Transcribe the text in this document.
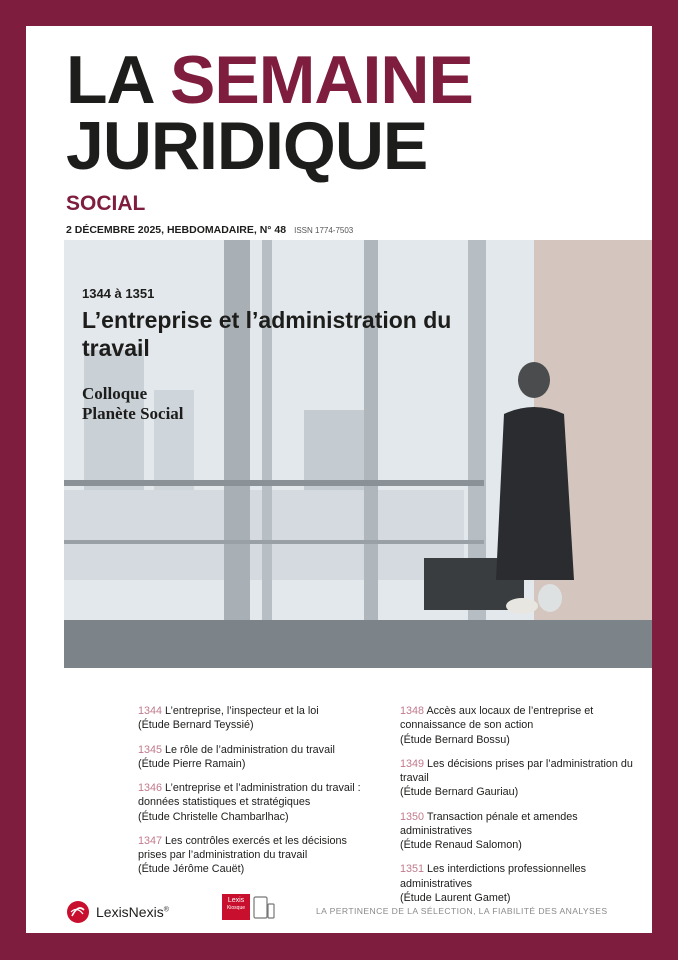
LA SEMAINE
JURIDIQUE
SOCIAL
2 DÉCEMBRE 2025, HEBDOMADAIRE, N° 48 ISSN 1774-7503
1344 à 1351
L’entreprise et l’administration du travail
Colloque
Planète Social
1344 L’entreprise, l’inspecteur et la loi
(Étude Bernard Teyssié)
1345 Le rôle de l’administration du travail
(Étude Pierre Ramain)
1346 L’entreprise et l’administration du travail : données statistiques et stratégiques
(Étude Christelle Chambarlhac)
1347 Les contrôles exercés et les décisions prises par l’administration du travail
(Étude Jérôme Cauët)
1348 Accès aux locaux de l’entreprise et connaissance de son action
(Étude Bernard Bossu)
1349 Les décisions prises par l’administration du travail
(Étude Bernard Gauriau)
1350 Transaction pénale et amendes administratives
(Étude Renaud Salomon)
1351 Les interdictions professionnelles administratives
(Étude Laurent Gamet)
LexisNexis®
Lexis
Kiosque	LA PERTINENCE DE LA SÉLECTION, LA FIABILITÉ DES ANALYSES
